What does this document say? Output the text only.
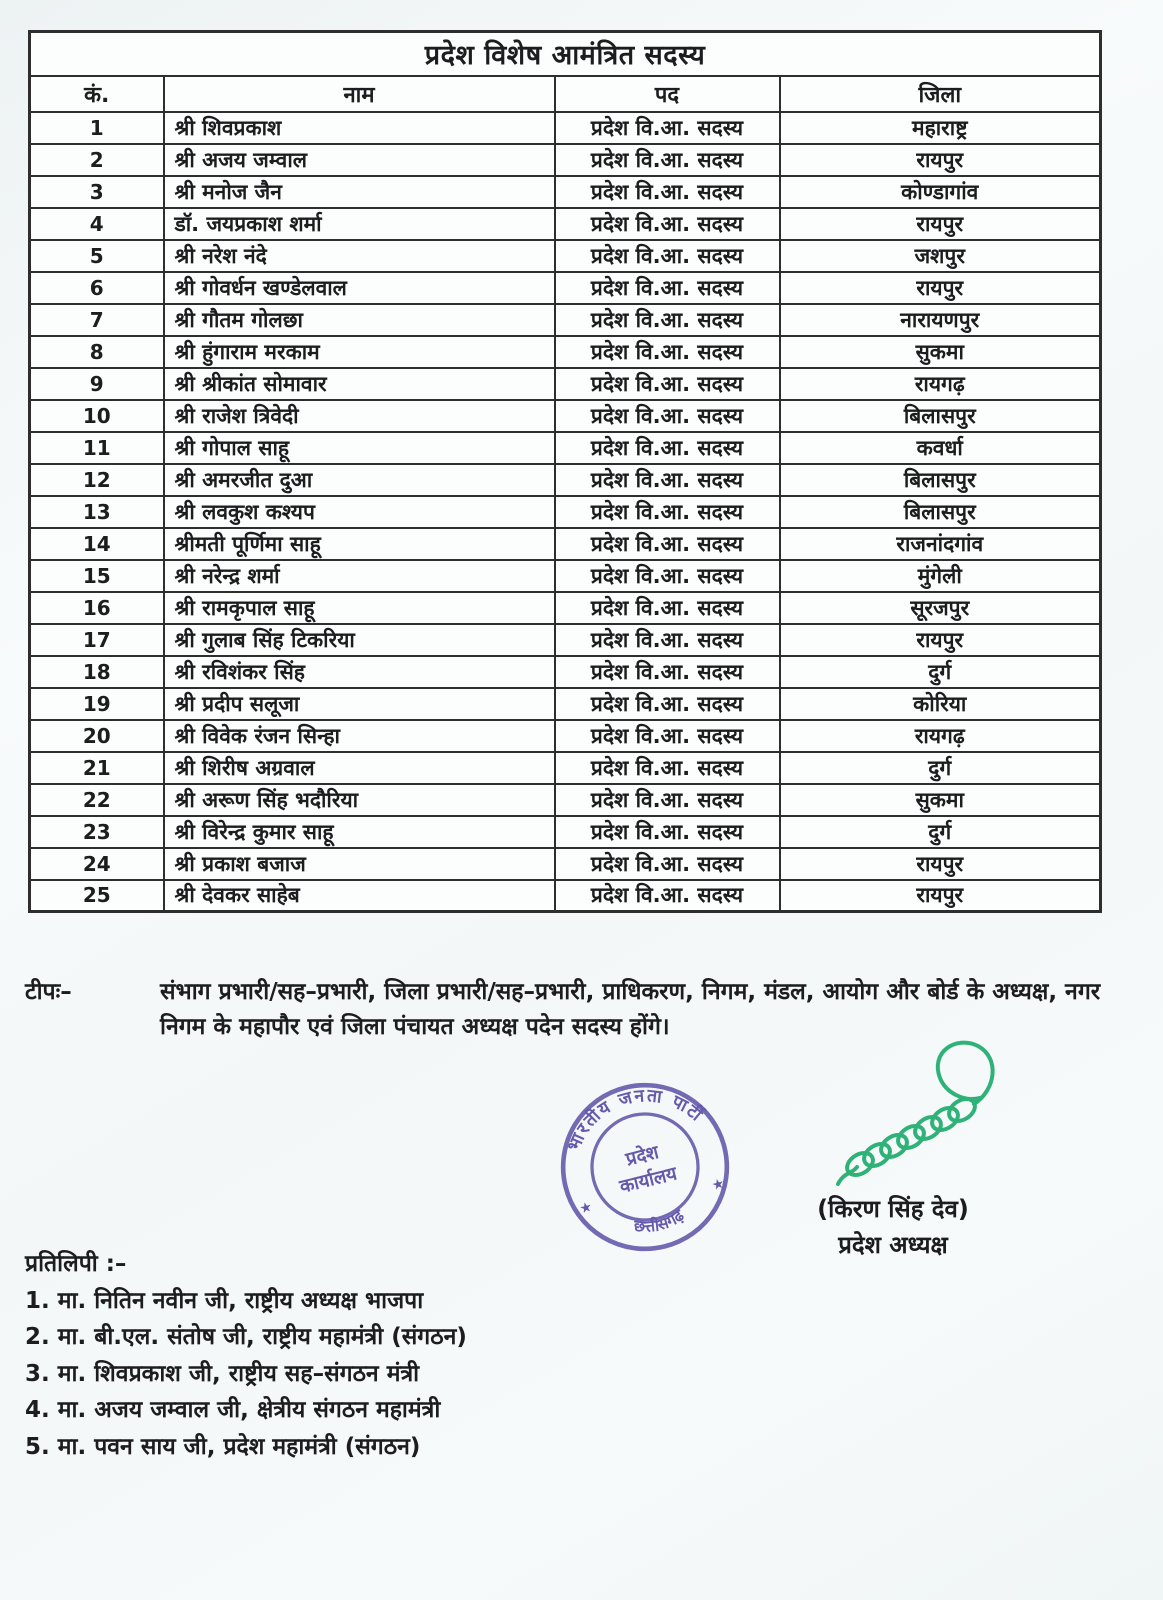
प्रदेश विशेष आमंत्रित सदस्य			
कं.	नाम	पद	जिला
1	श्री शिवप्रकाश	प्रदेश वि.आ. सदस्य	महाराष्ट्र
2	श्री अजय जम्वाल	प्रदेश वि.आ. सदस्य	रायपुर
3	श्री मनोज जैन	प्रदेश वि.आ. सदस्य	कोण्डागांव
4	डॉ. जयप्रकाश शर्मा	प्रदेश वि.आ. सदस्य	रायपुर
5	श्री नरेश नंदे	प्रदेश वि.आ. सदस्य	जशपुर
6	श्री गोवर्धन खण्डेलवाल	प्रदेश वि.आ. सदस्य	रायपुर
7	श्री गौतम गोलछा	प्रदेश वि.आ. सदस्य	नारायणपुर
8	श्री हुंगाराम मरकाम	प्रदेश वि.आ. सदस्य	सुकमा
9	श्री श्रीकांत सोमावार	प्रदेश वि.आ. सदस्य	रायगढ़
10	श्री राजेश त्रिवेदी	प्रदेश वि.आ. सदस्य	बिलासपुर
11	श्री गोपाल साहू	प्रदेश वि.आ. सदस्य	कवर्धा
12	श्री अमरजीत दुआ	प्रदेश वि.आ. सदस्य	बिलासपुर
13	श्री लवकुश कश्यप	प्रदेश वि.आ. सदस्य	बिलासपुर
14	श्रीमती पूर्णिमा साहू	प्रदेश वि.आ. सदस्य	राजनांदगांव
15	श्री नरेन्द्र शर्मा	प्रदेश वि.आ. सदस्य	मुंगेली
16	श्री रामकृपाल साहू	प्रदेश वि.आ. सदस्य	सूरजपुर
17	श्री गुलाब सिंह टिकरिया	प्रदेश वि.आ. सदस्य	रायपुर
18	श्री रविशंकर सिंह	प्रदेश वि.आ. सदस्य	दुर्ग
19	श्री प्रदीप सलूजा	प्रदेश वि.आ. सदस्य	कोरिया
20	श्री विवेक रंजन सिन्हा	प्रदेश वि.आ. सदस्य	रायगढ़
21	श्री शिरीष अग्रवाल	प्रदेश वि.आ. सदस्य	दुर्ग
22	श्री अरूण सिंह भदौरिया	प्रदेश वि.आ. सदस्य	सुकमा
23	श्री विरेन्द्र कुमार साहू	प्रदेश वि.आ. सदस्य	दुर्ग
24	श्री प्रकाश बजाज	प्रदेश वि.आ. सदस्य	रायपुर
25	श्री देवकर साहेब	प्रदेश वि.आ. सदस्य	रायपुर
टीपः–	संभाग प्रभारी/सह–प्रभारी, जिला प्रभारी/सह–प्रभारी, प्राधिकरण, निगम, मंडल, आयोग और बोर्ड के अध्यक्ष, नगर निगम के महापौर एवं जिला पंचायत अध्यक्ष पदेन सदस्य होंगे।
भारतीय जनता पार्टी
छत्तीसगढ़
प्रदेश
कार्यालय
★
★
(किरण सिंह देव)
प्रदेश अध्यक्ष
प्रतिलिपी :–
1. मा. नितिन नवीन जी, राष्ट्रीय अध्यक्ष भाजपा
2. मा. बी.एल. संतोष जी, राष्ट्रीय महामंत्री (संगठन)
3. मा. शिवप्रकाश जी, राष्ट्रीय सह–संगठन मंत्री
4. मा. अजय जम्वाल जी, क्षेत्रीय संगठन महामंत्री
5. मा. पवन साय जी, प्रदेश महामंत्री (संगठन)
